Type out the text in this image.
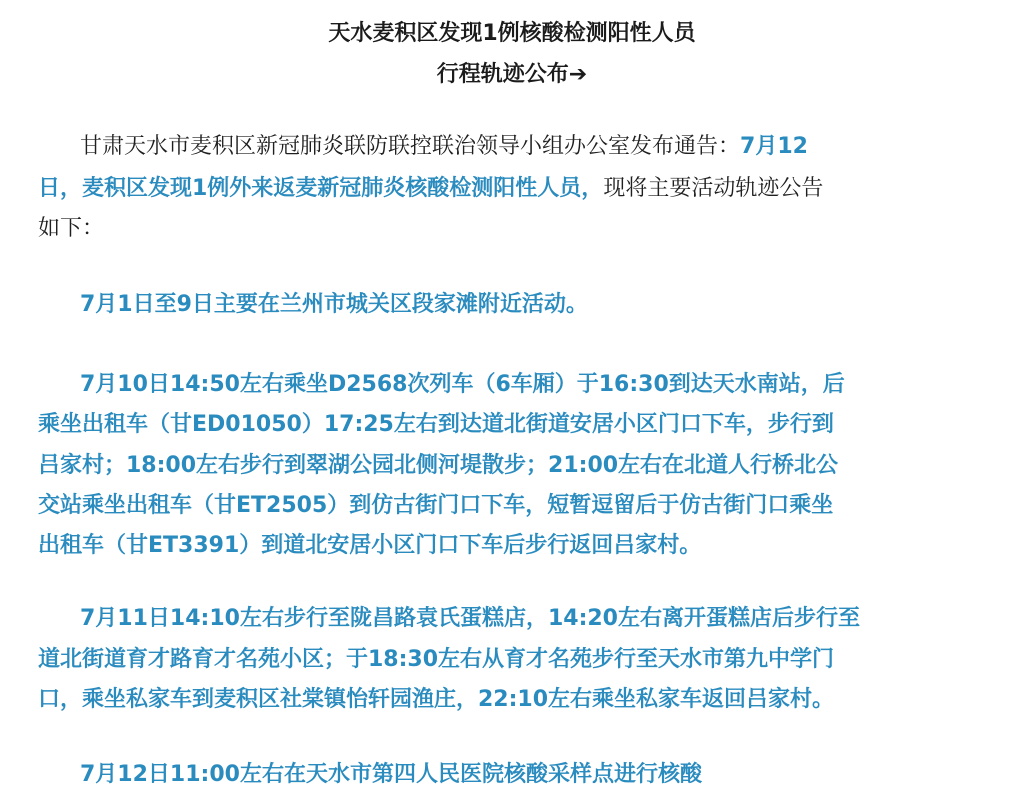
天水麦积区发现1例核酸检测阳性人员
行程轨迹公布➔
甘肃天水市麦积区新冠肺炎联防联控联治领导小组办公室发布通告：7月12
日，麦积区发现1例外来返麦新冠肺炎核酸检测阳性人员，现将主要活动轨迹公告
如下：
7月1日至9日主要在兰州市城关区段家滩附近活动。
7月10日14:50左右乘坐D2568次列车（6车厢）于16:30到达天水南站，后
乘坐出租车（甘ED01050）17:25左右到达道北街道安居小区门口下车，步行到
吕家村；18:00左右步行到翠湖公园北侧河堤散步；21:00左右在北道人行桥北公
交站乘坐出租车（甘ET2505）到仿古街门口下车，短暂逗留后于仿古街门口乘坐
出租车（甘ET3391）到道北安居小区门口下车后步行返回吕家村。
7月11日14:10左右步行至陇昌路袁氏蛋糕店，14:20左右离开蛋糕店后步行至
道北街道育才路育才名苑小区；于18:30左右从育才名苑步行至天水市第九中学门
口，乘坐私家车到麦积区社棠镇怡轩园渔庄，22:10左右乘坐私家车返回吕家村。
7月12日11:00左右在天水市第四人民医院核酸采样点进行核酸
